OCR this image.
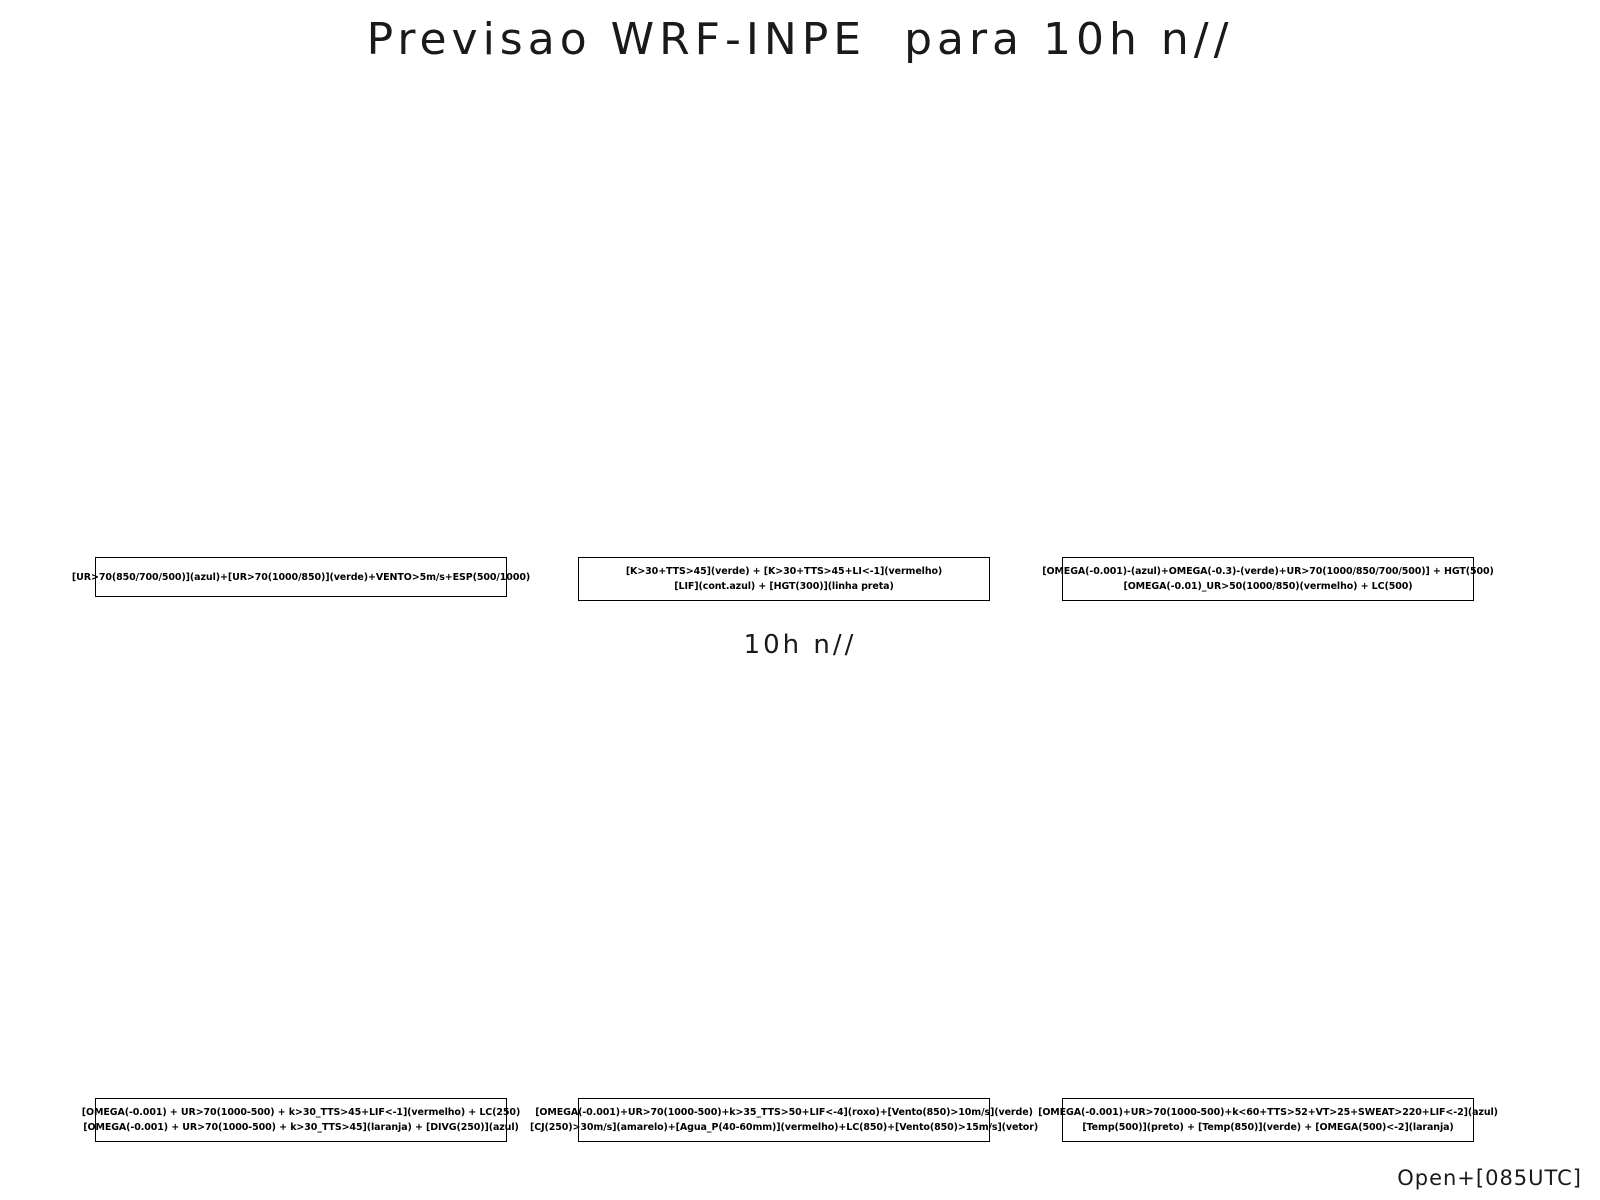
Previsao WRF-INPE  para 10h n//
[UR>70(850/700/500)](azul)+[UR>70(1000/850)](verde)+VENTO>5m/s+ESP(500/1000)	[K>30+TTS>45](verde) + [K>30+TTS>45+LI<-1](vermelho)
[LIF](cont.azul) + [HGT(300)](linha preta)
[OMEGA(-0.001)-(azul)+OMEGA(-0.3)-(verde)+UR>70(1000/850/700/500)] + HGT(500)
[OMEGA(-0.01)_UR>50(1000/850)(vermelho) + LC(500)
10h n//
[OMEGA(-0.001) + UR>70(1000-500) + k>30_TTS>45+LIF<-1](vermelho) + LC(250)
[OMEGA(-0.001) + UR>70(1000-500) + k>30_TTS>45](laranja) + [DIVG(250)](azul)
[OMEGA(-0.001)+UR>70(1000-500)+k>35_TTS>50+LIF<-4](roxo)+[Vento(850)>10m/s](verde)
[CJ(250)>30m/s](amarelo)+[Agua_P(40-60mm)](vermelho)+LC(850)+[Vento(850)>15m/s](vetor)
[OMEGA(-0.001)+UR>70(1000-500)+k<60+TTS>52+VT>25+SWEAT>220+LIF<-2](azul)
[Temp(500)](preto) + [Temp(850)](verde) + [OMEGA(500)<-2](laranja)
Open+[085UTC]
